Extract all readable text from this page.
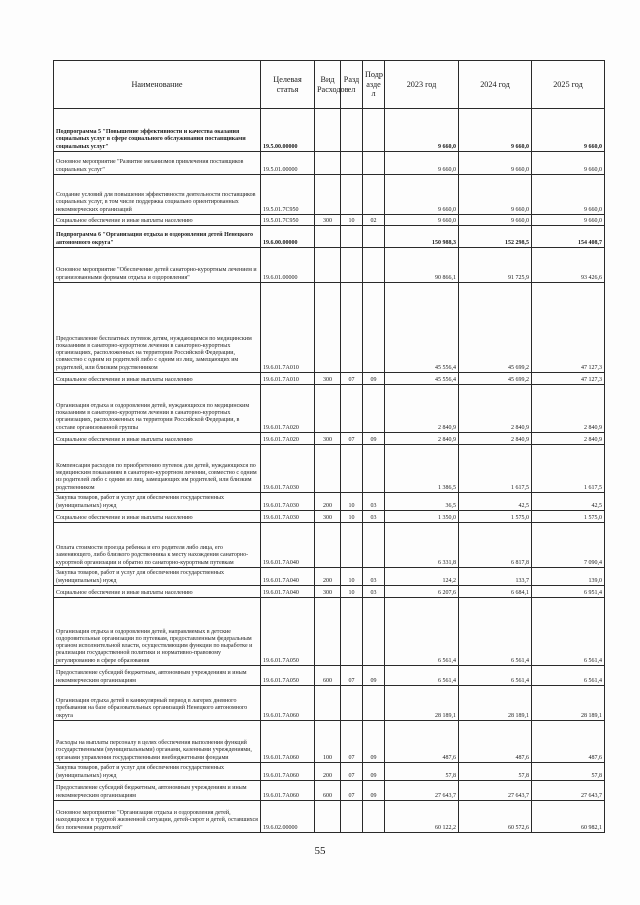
Наименование	Целевая статья	Вид Расходов	Разд ел	Подр азде л	2023 год	2024 год	2025 год
Подпрограмма 5 "Повышение эффективности и качества оказания социальных услуг в сфере социального обслуживания поставщиками социальных услуг"	19.5.00.00000				9 660,0	9 660,0	9 660,0
Основное мероприятие "Развитие механизмов привлечения поставщиков социальных услуг"	19.5.01.00000				9 660,0	9 660,0	9 660,0
Создание условий для повышения эффективности деятельности поставщиков социальных услуг, в том числе поддержка социально ориентированных некоммерческих организаций	19.5.01.7С950				9 660,0	9 660,0	9 660,0
Социальное обеспечение и иные выплаты населению	19.5.01.7С950	300	10	02	9 660,0	9 660,0	9 660,0
Подпрограмма 6 "Организация отдыха и оздоровления детей Ненецкого автономного округа"	19.6.00.00000				150 988,3	152 298,5	154 408,7
Основное мероприятие "Обеспечение детей санаторно-курортным лечением и организованными формами отдыха и оздоровления"	19.6.01.00000				90 866,1	91 725,9	93 426,6
Предоставление бесплатных путевок детям, нуждающимся по медицинским показаниям в санаторно-курортном лечении в санаторно-курортных организациях, расположенных на территории Российской Федерации, совместно с одним из родителей либо с одним из лиц, замещающих им родителей, или близким родственником	19.6.01.7А010				45 556,4	45 699,2	47 127,3
Социальное обеспечение и иные выплаты населению	19.6.01.7А010	300	07	09	45 556,4	45 699,2	47 127,3
Организация отдыха и оздоровления детей, нуждающихся по медицинским показаниям в санаторно-курортном лечении в санаторно-курортных организациях, расположенных на территории Российской Федерации, в составе организованной группы	19.6.01.7А020				2 840,9	2 840,9	2 840,9
Социальное обеспечение и иные выплаты населению	19.6.01.7А020	300	07	09	2 840,9	2 840,9	2 840,9
Компенсация расходов по приобретению путевок для детей, нуждающихся по медицинским показаниям в санаторно-курортном лечении, совместно с одним из родителей либо с одним из лиц, замещающих им родителей, или близким родственником	19.6.01.7А030				1 386,5	1 617,5	1 617,5
Закупка товаров, работ и услуг для обеспечения государственных (муниципальных) нужд	19.6.01.7А030	200	10	03	36,5	42,5	42,5
Социальное обеспечение и иные выплаты населению	19.6.01.7А030	300	10	03	1 350,0	1 575,0	1 575,0
Оплата стоимости проезда ребенка и его родителя либо лица, его заменяющего, либо близкого родственника к месту нахождения санаторно-курортной организации и обратно по санаторно-курортным путевкам	19.6.01.7А040				6 331,8	6 817,8	7 090,4
Закупка товаров, работ и услуг для обеспечения государственных (муниципальных) нужд	19.6.01.7А040	200	10	03	124,2	133,7	139,0
Социальное обеспечение и иные выплаты населению	19.6.01.7А040	300	10	03	6 207,6	6 684,1	6 951,4
Организация отдыха и оздоровления детей, направляемых в детские оздоровительные организации по путевкам, предоставленным федеральным органом исполнительной власти, осуществляющим функции по выработке и реализации государственной политики и нормативно-правовому регулированию в сфере образования	19.6.01.7А050				6 561,4	6 561,4	6 561,4
Предоставление субсидий бюджетным, автономным учреждениям и иным некоммерческим организациям	19.6.01.7А050	600	07	09	6 561,4	6 561,4	6 561,4
Организация отдыха детей в каникулярный период в лагерях дневного пребывания на базе образовательных организаций Ненецкого автономного округа	19.6.01.7А060				28 189,1	28 189,1	28 189,1
Расходы на выплаты персоналу в целях обеспечения выполнения функций государственными (муниципальными) органами, казенными учреждениями, органами управления государственными внебюджетными фондами	19.6.01.7А060	100	07	09	487,6	487,6	487,6
Закупка товаров, работ и услуг для обеспечения государственных (муниципальных) нужд	19.6.01.7А060	200	07	09	57,8	57,8	57,8
Предоставление субсидий бюджетным, автономным учреждениям и иным некоммерческим организациям	19.6.01.7А060	600	07	09	27 643,7	27 643,7	27 643,7
Основное мероприятие "Организация отдыха и оздоровления детей, находящихся в трудной жизненной ситуации, детей-сирот и детей, оставшихся без попечения родителей"	19.6.02.00000				60 122,2	60 572,6	60 982,1
55
